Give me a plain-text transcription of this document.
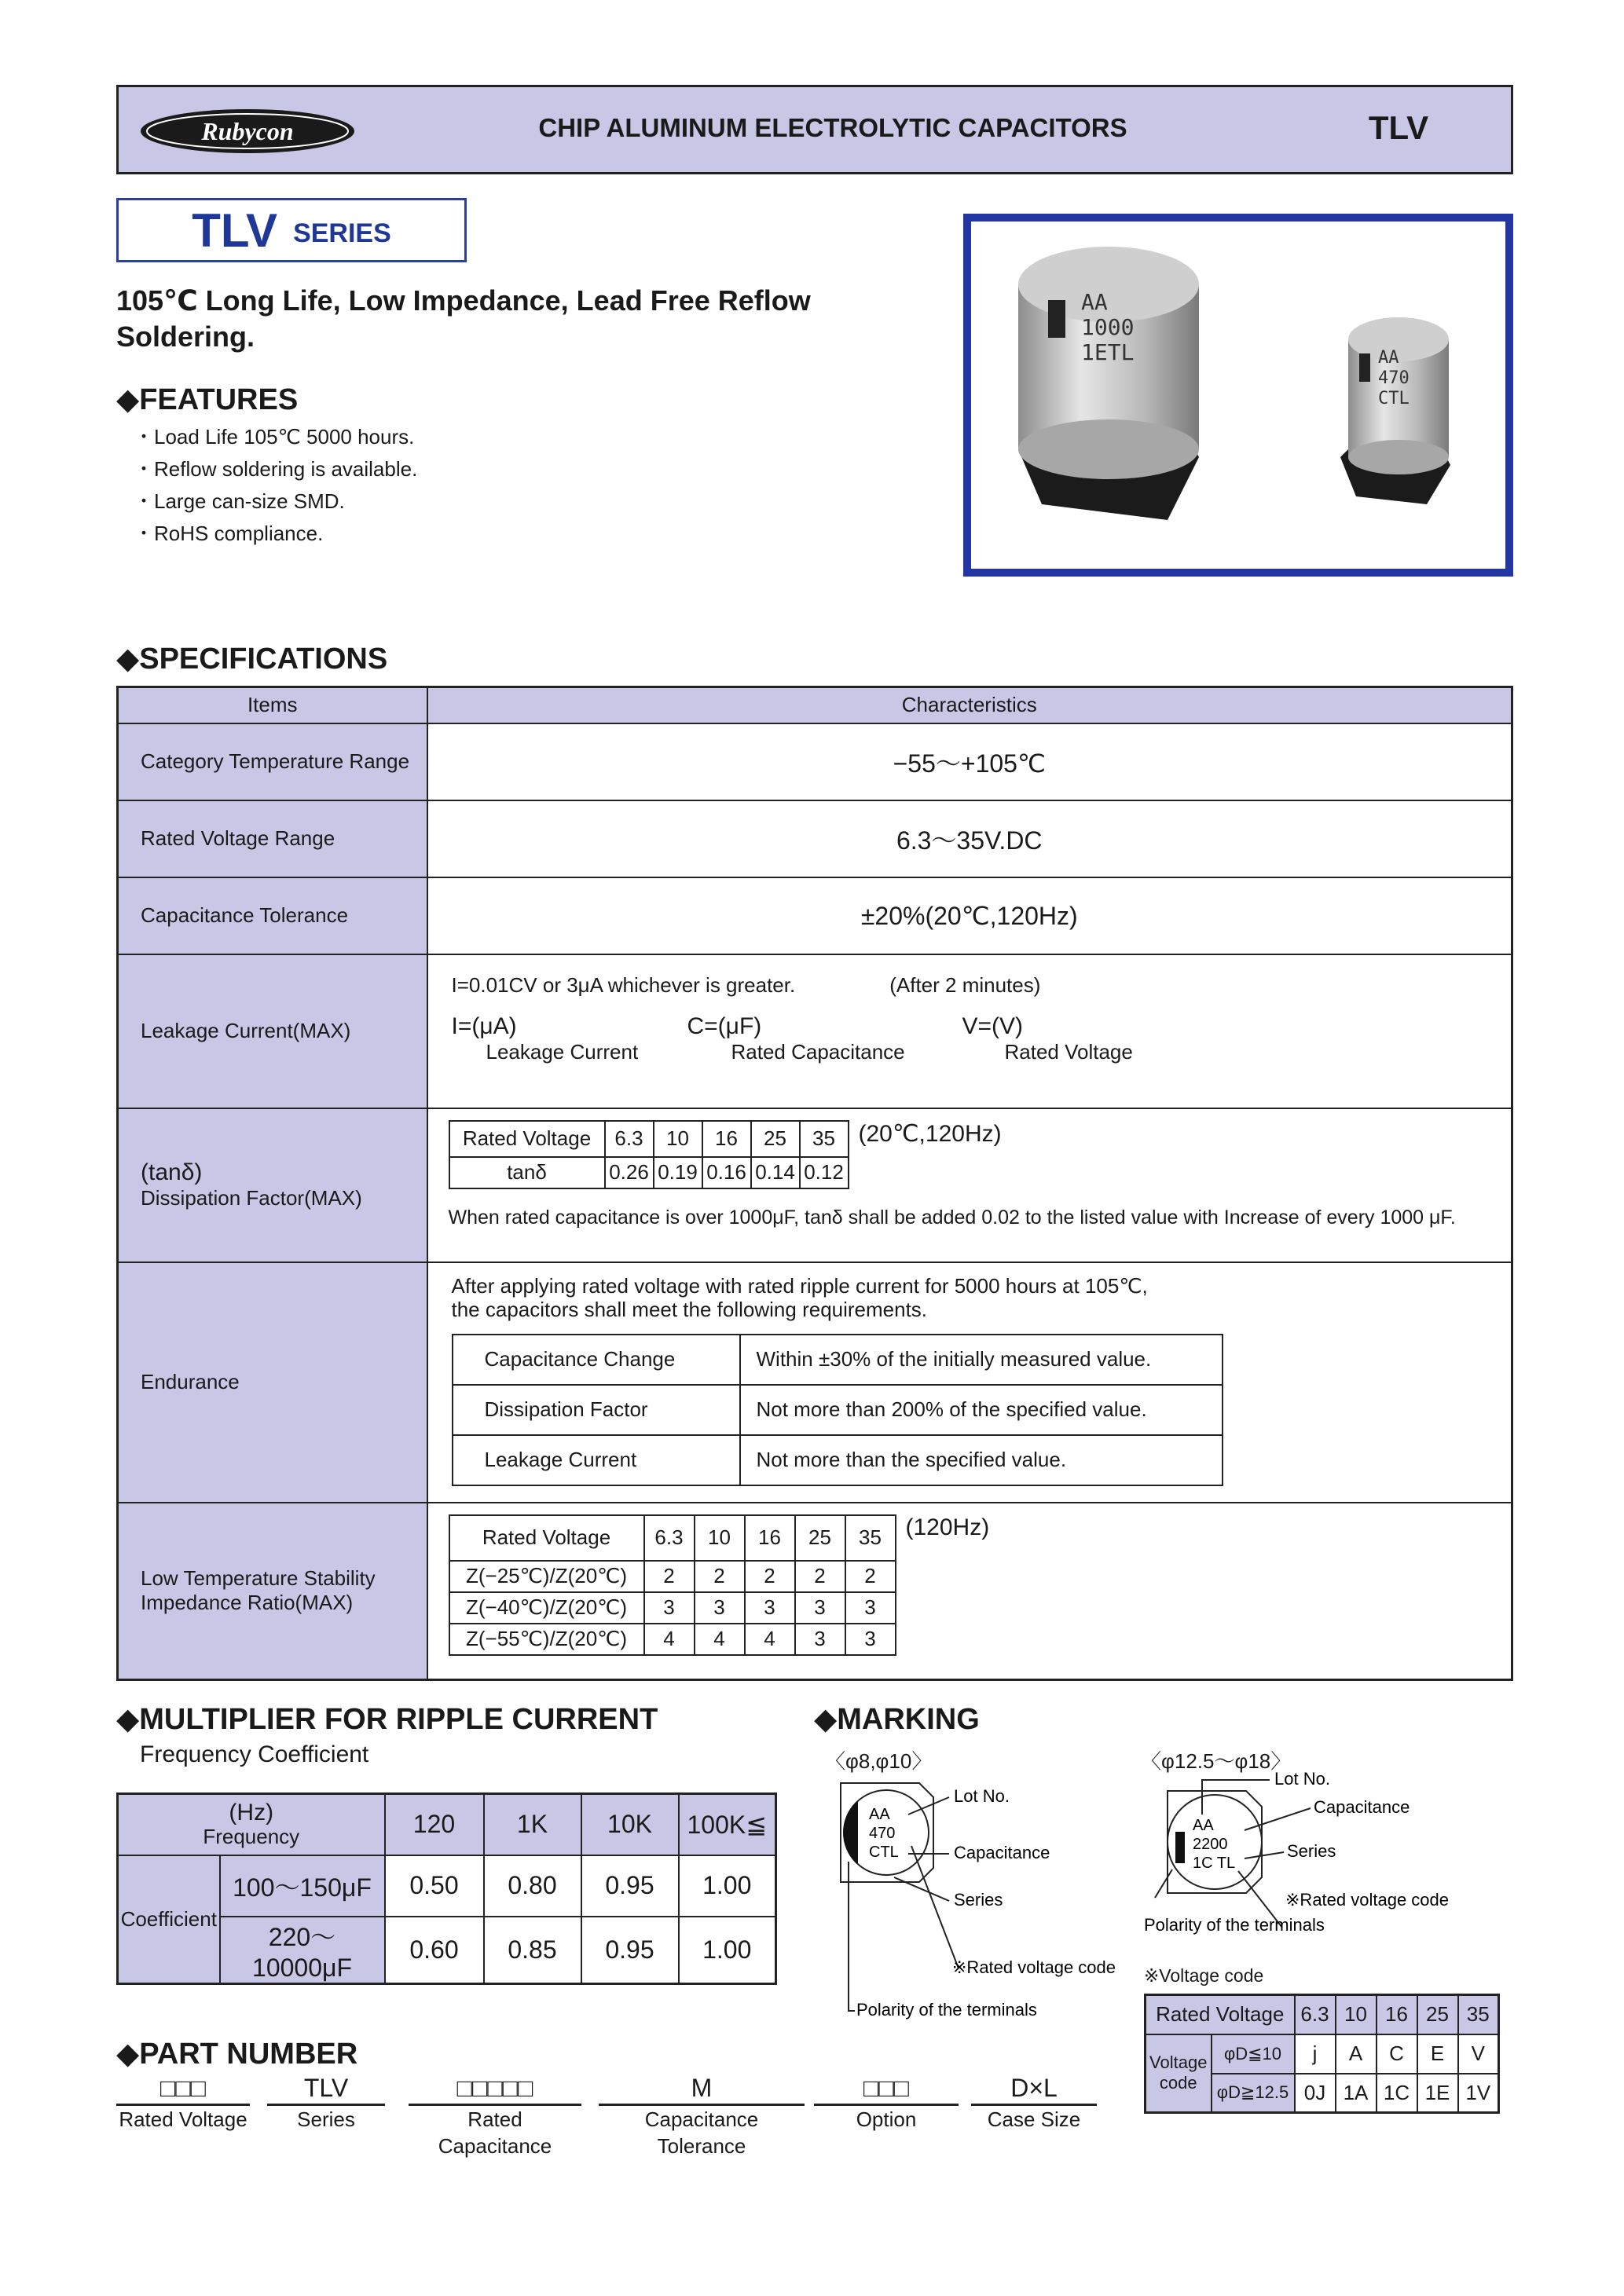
Rubycon	CHIP ALUMINUM ELECTROLYTIC CAPACITORS	TLV
TLV SERIES
105℃ Long Life, Low Impedance, Lead Free Reflow
Soldering.
◆FEATURES
・ Load Life 105℃ 5000 hours.
・ Reflow soldering is available.
・ Large can-size SMD.
・ RoHS compliance.
AA
1000
1ETL	AA
470
CTL
◆SPECIFICATIONS
Items	Characteristics
Category Temperature Range	−55～+105℃
Rated Voltage Range	6.3～35V.DC
Capacitance Tolerance	±20%(20℃,120Hz)
Leakage Current(MAX)	
I=0.01CV or 3μA whichever is greater.	(After 2 minutes)
I=(μA)
Leakage Current
C=(μF)
Rated Capacitance
V=(V)
Rated Voltage

(tanδ)
Dissipation Factor(MAX)

Rated Voltage	6.3	10	16	25	35
tanδ	0.26	0.19	0.16	0.14	0.12
(20℃,120Hz)
When rated capacitance is over 1000μF, tanδ shall be added 0.02 to the listed value with Increase of every 1000 μF.

Endurance	
After applying rated voltage with rated ripple current for 5000 hours at 105℃,
the capacitors shall meet the following requirements.
Capacitance Change	Within ±30% of the initially measured value.
Dissipation Factor	Not more than 200% of the specified value.
Leakage Current	Not more than the specified value.

Low Temperature Stability
Impedance Ratio(MAX)

Rated Voltage	6.3	10	16	25	35
Z(−25℃)/Z(20℃)	2	2	2	2	2
Z(−40℃)/Z(20℃)	3	3	3	3	3
Z(−55℃)/Z(20℃)	4	4	4	3	3
(120Hz)
◆MULTIPLIER FOR RIPPLE CURRENT
Frequency Coefficient
(Hz)
Frequency		120	1K	10K	100K≦
Coefficient	100～150μF	0.50	0.80	0.95	1.00
	220～10000μF	0.60	0.85	0.95	1.00
◆MARKING
〈φ8,φ10〉	〈φ12.5～φ18〉
AA
470
CTL
Lot No.
Capacitance
Series
※Rated voltage code
Polarity of the terminals
AA
2200
1C TL
Lot No.
Capacitance
Series
※Rated voltage code
Polarity of the terminals
※Voltage code
Rated Voltage		6.3	10	16	25	35

Voltage
code	φD≦10	j	A	C	E	V
	φD≧12.5	0J	1A	1C	1E	1V
◆PART NUMBER
□□□
Rated Voltage
TLV
Series
□□□□□
Rated Capacitance
M
Capacitance Tolerance
□□□
Option
D×L
Case Size
